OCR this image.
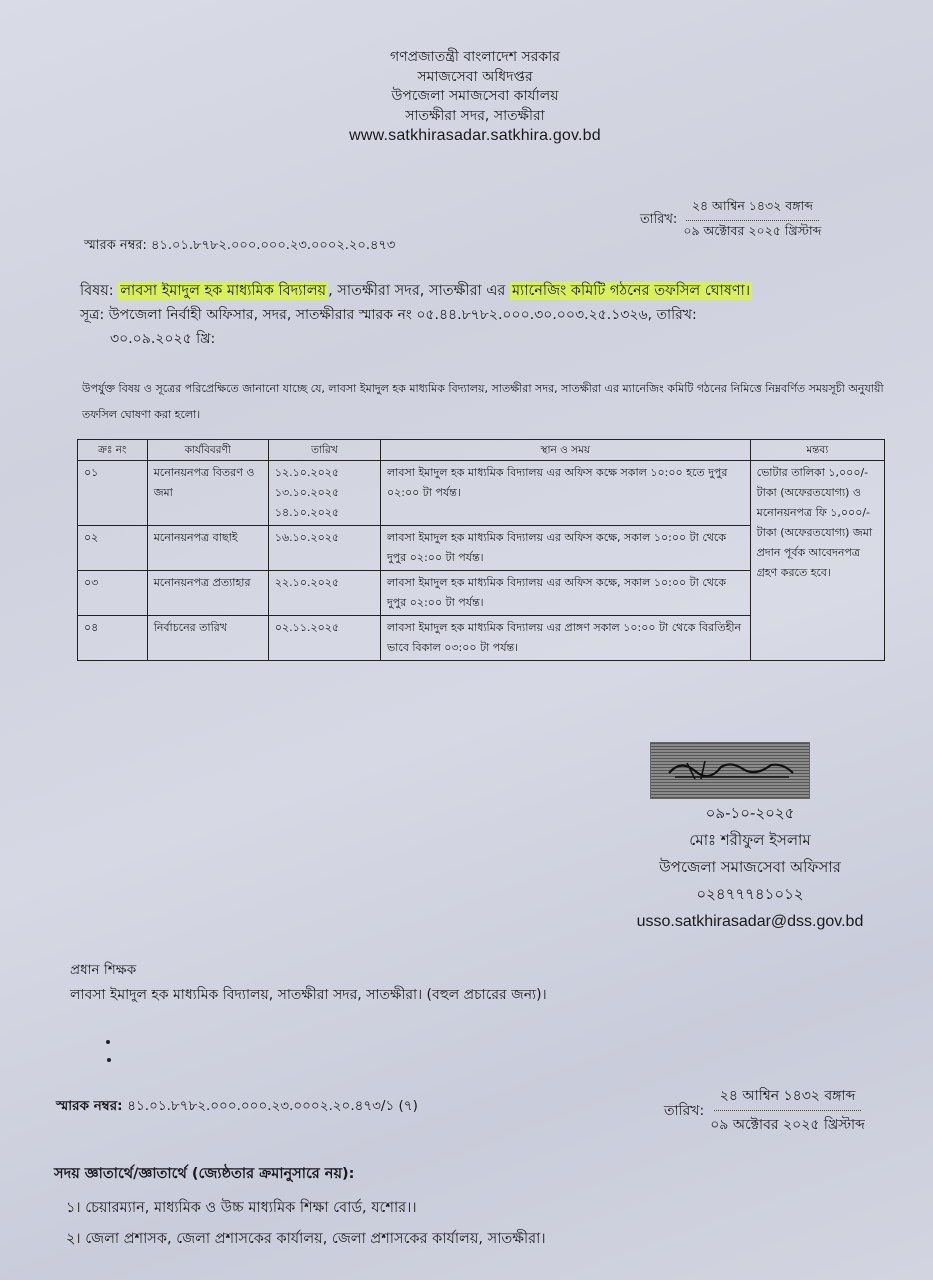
গণপ্রজাতন্ত্রী বাংলাদেশ সরকার
সমাজসেবা অধিদপ্তর
উপজেলা সমাজসেবা কার্যালয়
সাতক্ষীরা সদর, সাতক্ষীরা
www.satkhirasadar.satkhira.gov.bd
স্মারক নম্বর: ৪১.০১.৮৭৮২.০০০.০০০.২৩.০০০২.২০.৪৭৩
তারিখ:
২৪ আশ্বিন ১৪৩২ বঙ্গাব্দ
০৯ অক্টোবর ২০২৫ খ্রিস্টাব্দ
বিষয়: লাবসা ইমাদুল হক মাধ্যমিক বিদ্যালয় , সাতক্ষীরা সদর, সাতক্ষীরা এর ম্যানেজিং কমিটি গঠনের তফসিল ঘোষণা।
সূত্র: উপজেলা নির্বাহী অফিসার, সদর, সাতক্ষীরার স্মারক নং ০৫.৪৪.৮৭৮২.০০০.৩০.০০৩.২৫.১৩২৬, তারিখ:
৩০.০৯.২০২৫ খ্রি:
উপর্যুক্ত বিষয় ও সূত্রের পরিপ্রেক্ষিতে জানানো যাচ্ছে যে, লাবসা ইমাদুল হক মাধ্যমিক বিদ্যালয়, সাতক্ষীরা সদর, সাতক্ষীরা এর ম্যানেজিং কমিটি গঠনের নিমিত্তে নিম্নবর্ণিত সময়সূচী অনুযায়ী তফসিল ঘোষণা করা হলো।
ক্রঃ নং	কার্যবিবরণী	তারিখ	স্থান ও সময়	মন্তব্য
০১	মনোনয়নপত্র বিতরণ ও জমা	১২.১০.২০২৫
১৩.১০.২০২৫
১৪.১০.২০২৫	লাবসা ইমাদুল হক মাধ্যমিক বিদ্যালয় এর অফিস কক্ষে সকাল ১০:০০ হতে দুপুর ০২:০০ টা পর্যন্ত।	ভোটার তালিকা ১,০০০/- টাকা (অফেরতযোগ্য) ও মনোনয়নপত্র ফি ১,০০০/- টাকা (অফেরতযোগ্য) জমা প্রদান পূর্বক আবেদনপত্র গ্রহণ করতে হবে।
০২	মনোনয়নপত্র বাছাই	১৬.১০.২০২৫	লাবসা ইমাদুল হক মাধ্যমিক বিদ্যালয় এর অফিস কক্ষে, সকাল ১০:০০ টা থেকে দুপুর ০২:০০ টা পর্যন্ত।	
০৩	মনোনয়নপত্র প্রত্যাহার	২২.১০.২০২৫	লাবসা ইমাদুল হক মাধ্যমিক বিদ্যালয় এর অফিস কক্ষে, সকাল ১০:০০ টা থেকে দুপুর ০২:০০ টা পর্যন্ত।	
০৪	নির্বাচনের তারিখ	০২.১১.২০২৫	লাবসা ইমাদুল হক মাধ্যমিক বিদ্যালয় এর প্রাঙ্গণ সকাল ১০:০০ টা থেকে বিরতিহীন ভাবে বিকাল ০৩:০০ টা পর্যন্ত।	
০৯-১০-২০২৫
মোঃ শরীফুল ইসলাম
উপজেলা সমাজসেবা অফিসার
০২৪৭৭৭৪১০১২
usso.satkhirasadar@dss.gov.bd
প্রধান শিক্ষক
লাবসা ইমাদুল হক মাধ্যমিক বিদ্যালয়, সাতক্ষীরা সদর, সাতক্ষীরা। (বহুল প্রচারের জন্য)।
স্মারক নম্বর: ৪১.০১.৮৭৮২.০০০.০০০.২৩.০০০২.২০.৪৭৩/১ (৭)	তারিখ:
২৪ আশ্বিন ১৪৩২ বঙ্গাব্দ
০৯ অক্টোবর ২০২৫ খ্রিস্টাব্দ
সদয় জ্ঞাতার্থে/জ্ঞাতার্থে (জ্যেষ্ঠতার ক্রমানুসারে নয়):
১। চেয়ারম্যান, মাধ্যমিক ও উচ্চ মাধ্যমিক শিক্ষা বোর্ড, যশোর।।
২। জেলা প্রশাসক, জেলা প্রশাসকের কার্যালয়, জেলা প্রশাসকের কার্যালয়, সাতক্ষীরা।
